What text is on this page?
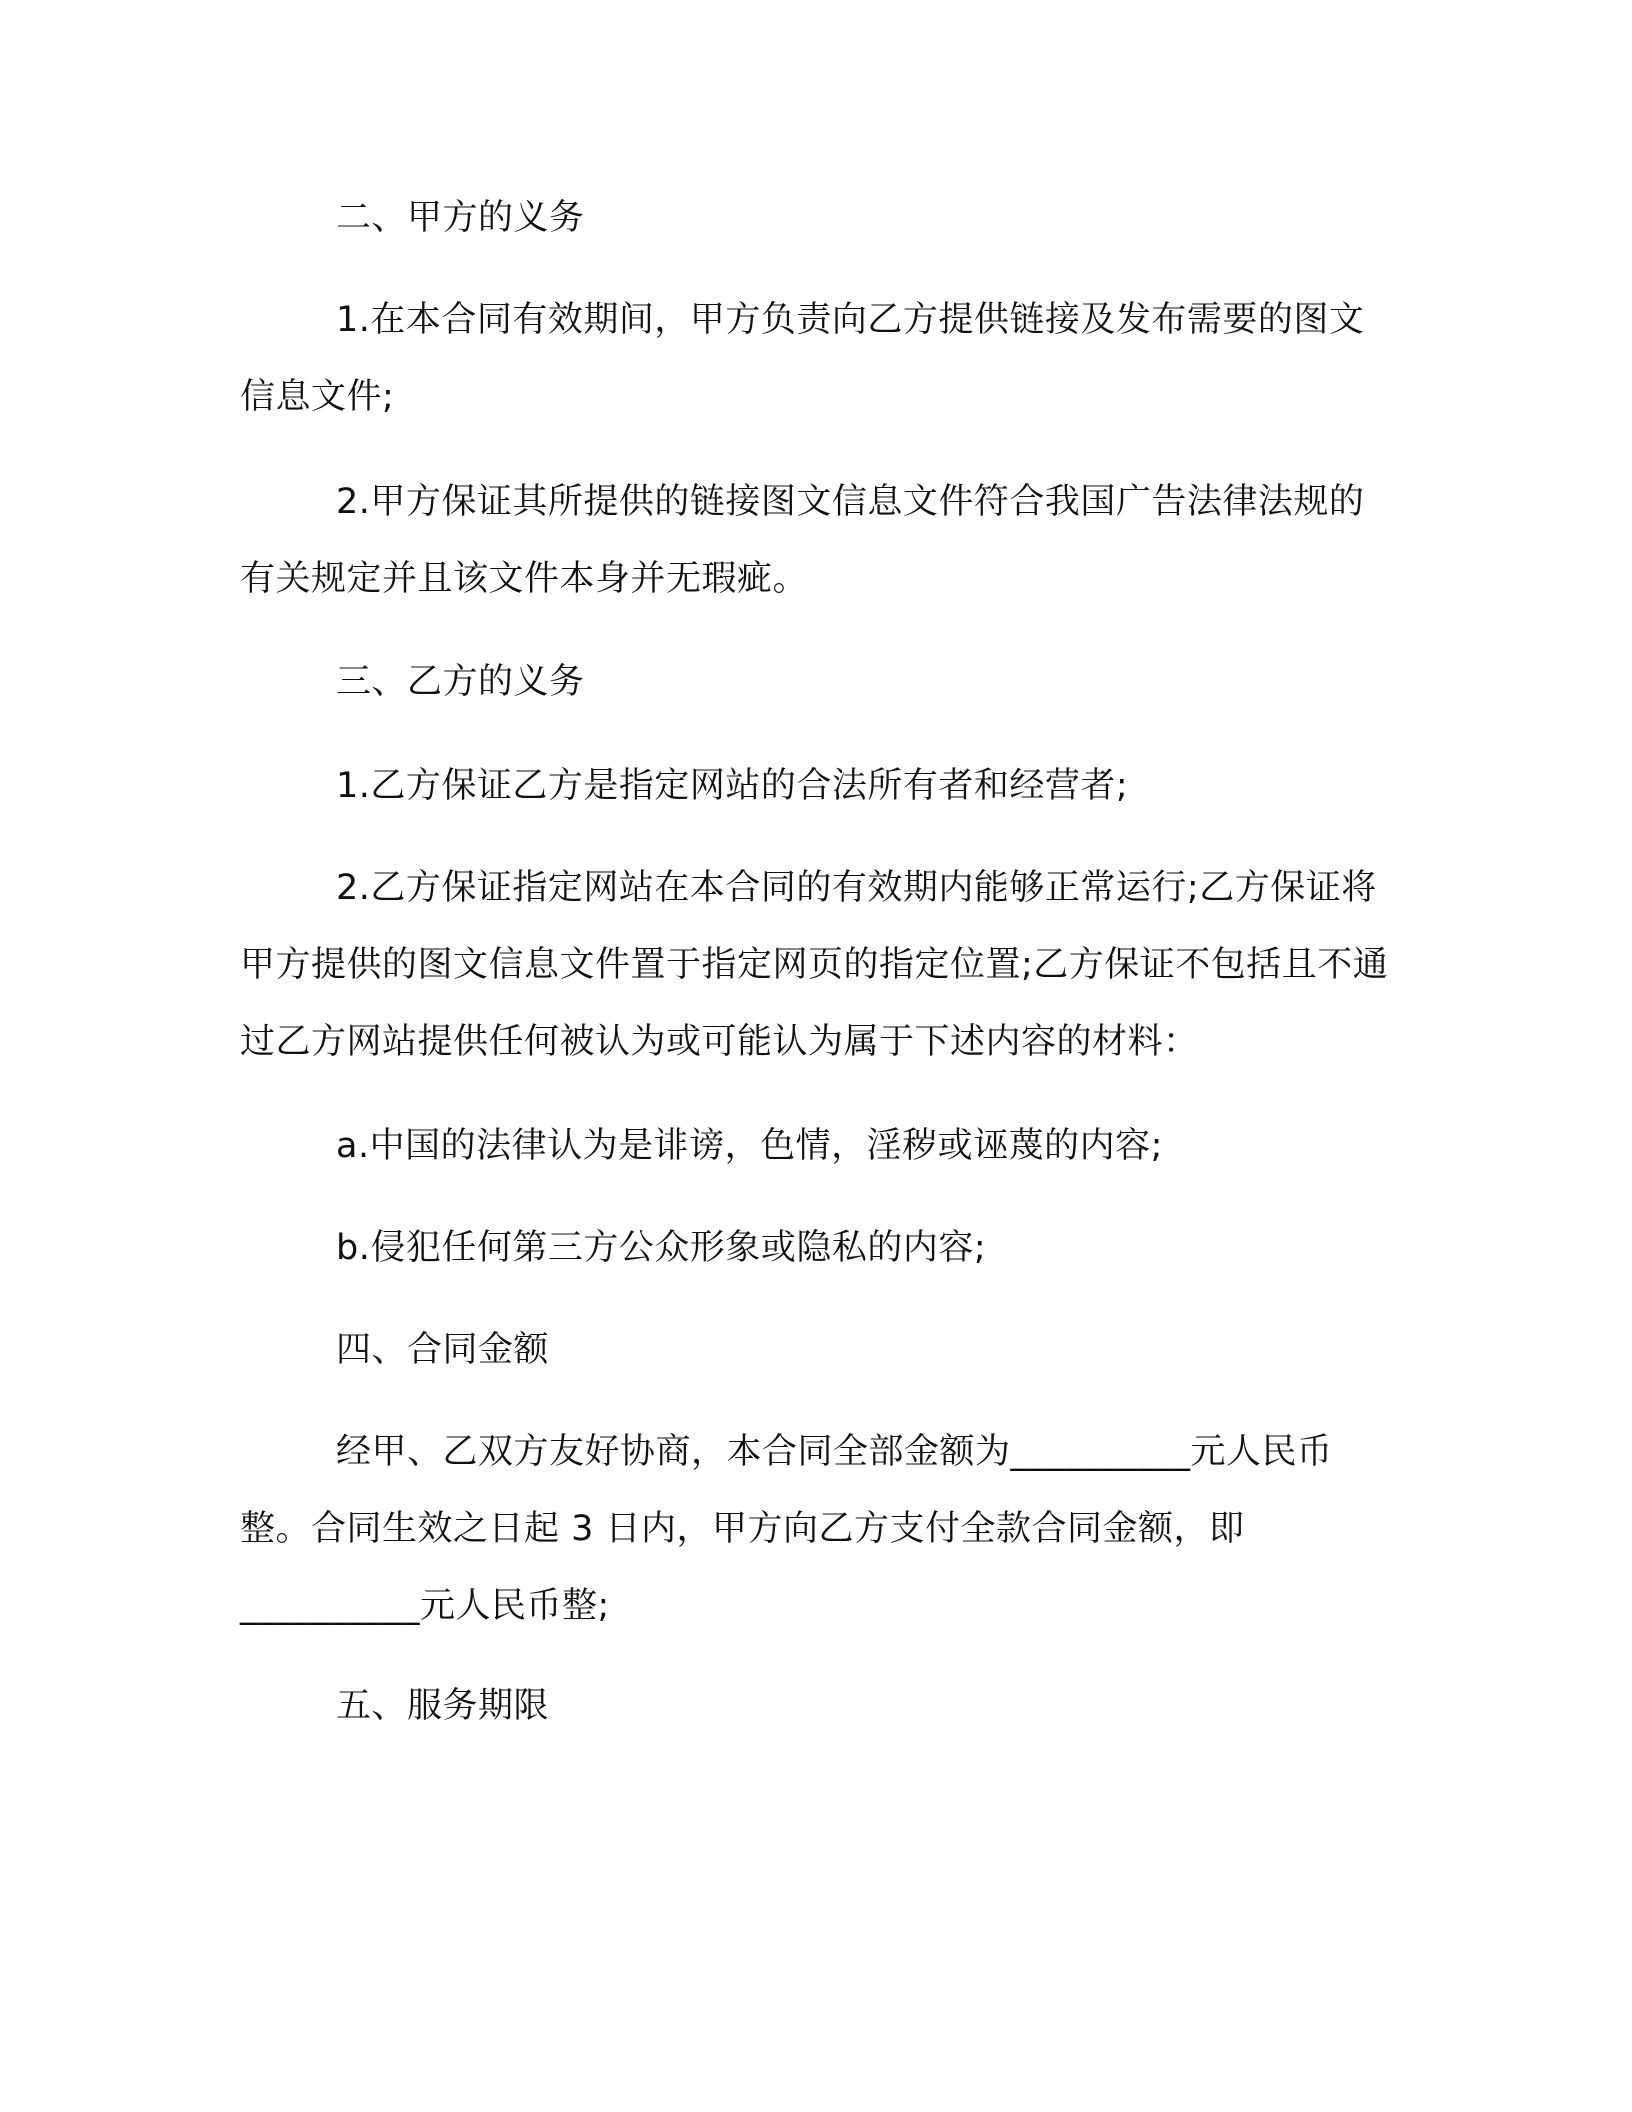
二、甲方的义务

1.在本合同有效期间，甲方负责向乙方提供链接及发布需要的图文信息文件;

2.甲方保证其所提供的链接图文信息文件符合我国广告法律法规的有关规定并且该文件本身并无瑕疵。

三、乙方的义务

1.乙方保证乙方是指定网站的合法所有者和经营者;

2.乙方保证指定网站在本合同的有效期内能够正常运行;乙方保证将甲方提供的图文信息文件置于指定网页的指定位置;乙方保证不包括且不通过乙方网站提供任何被认为或可能认为属于下述内容的材料：

a.中国的法律认为是诽谤，色情，淫秽或诬蔑的内容;

b.侵犯任何第三方公众形象或隐私的内容;

四、合同金额

经甲、乙双方友好协商，本合同全部金额为__________元人民币整。合同生效之日起 3 日内，甲方向乙方支付全款合同金额，即__________元人民币整;

五、服务期限
